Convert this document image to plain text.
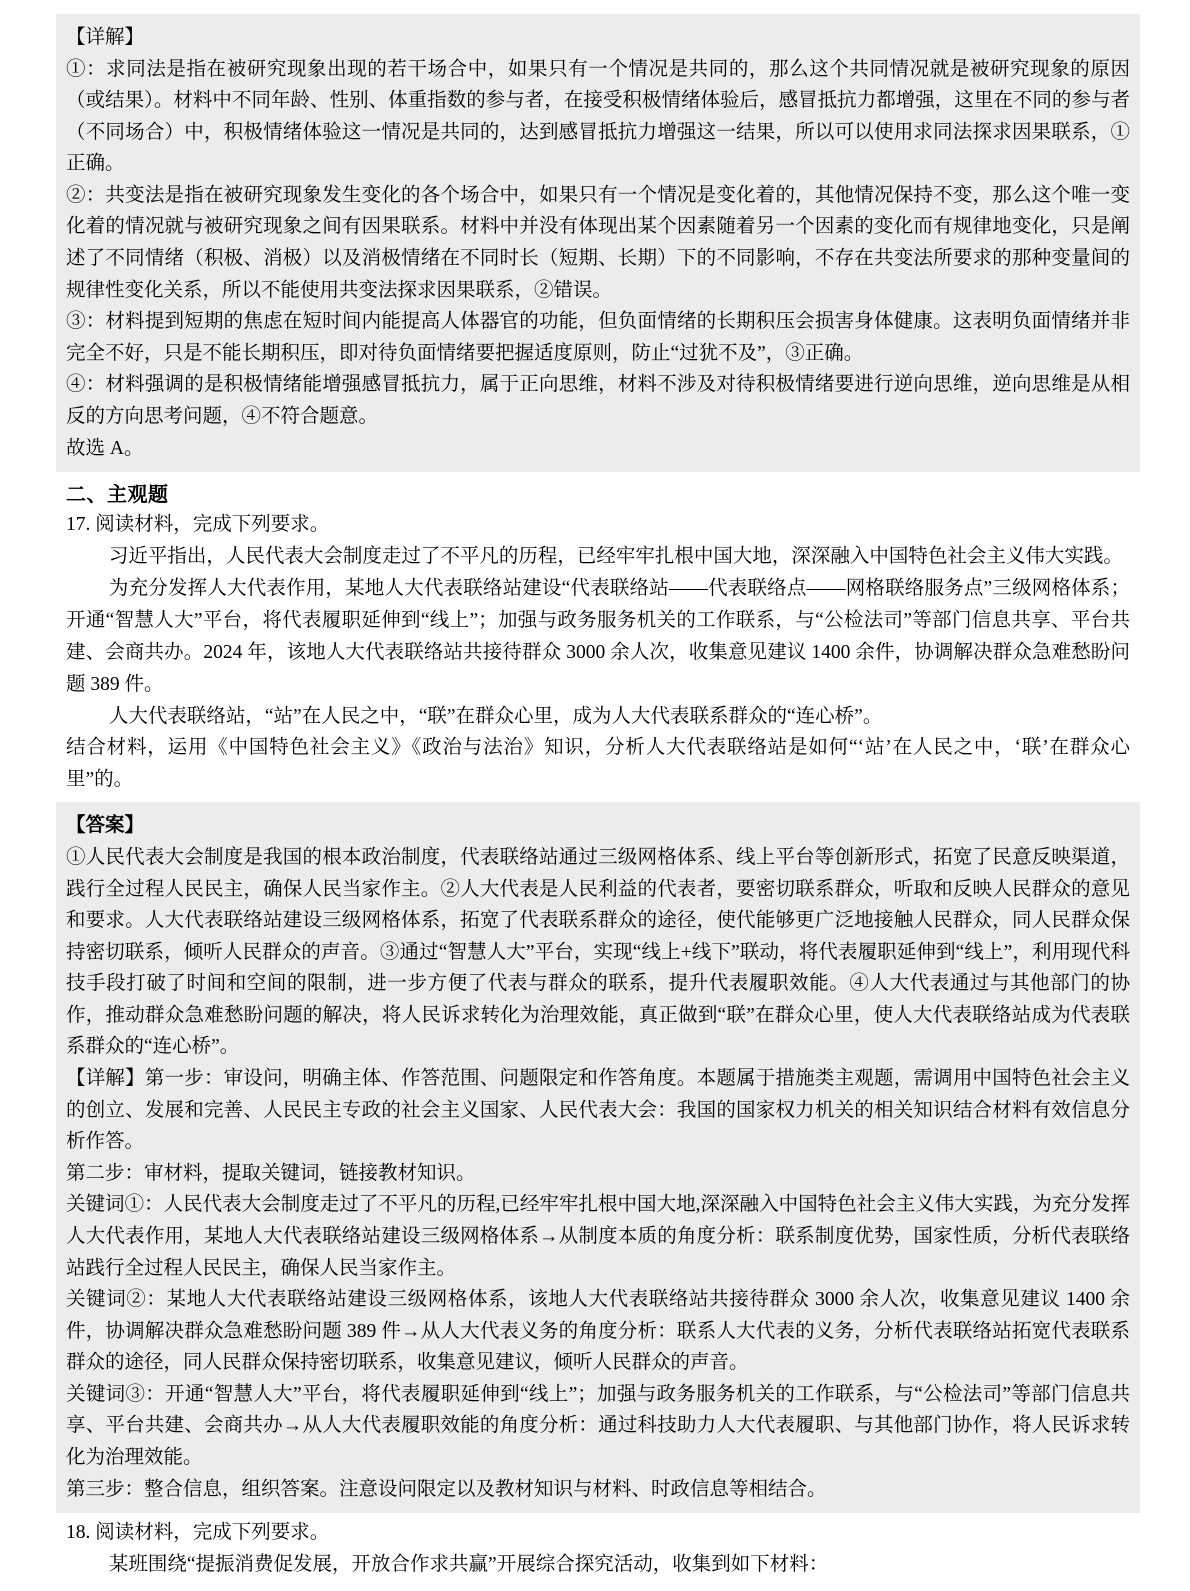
【详解】

①：求同法是指在被研究现象出现的若干场合中，如果只有一个情况是共同的，那么这个共同情况就是被研究现象的原因（或结果）。材料中不同年龄、性别、体重指数的参与者，在接受积极情绪体验后，感冒抵抗力都增强，这里在不同的参与者（不同场合）中，积极情绪体验这一情况是共同的，达到感冒抵抗力增强这一结果，所以可以使用求同法探求因果联系，①正确。

②：共变法是指在被研究现象发生变化的各个场合中，如果只有一个情况是变化着的，其他情况保持不变，那么这个唯一变化着的情况就与被研究现象之间有因果联系。材料中并没有体现出某个因素随着另一个因素的变化而有规律地变化，只是阐述了不同情绪（积极、消极）以及消极情绪在不同时长（短期、长期）下的不同影响，不存在共变法所要求的那种变量间的规律性变化关系，所以不能使用共变法探求因果联系，②错误。

③：材料提到短期的焦虑在短时间内能提高人体器官的功能，但负面情绪的长期积压会损害身体健康。这表明负面情绪并非完全不好，只是不能长期积压，即对待负面情绪要把握适度原则，防止“过犹不及”，③正确。

④：材料强调的是积极情绪能增强感冒抵抗力，属于正向思维，材料不涉及对待积极情绪要进行逆向思维，逆向思维是从相反的方向思考问题，④不符合题意。

故选 A。

二、主观题
17. 阅读材料，完成下列要求。

习近平指出，人民代表大会制度走过了不平凡的历程，已经牢牢扎根中国大地，深深融入中国特色社会主义伟大实践。

为充分发挥人大代表作用，某地人大代表联络站建设“代表联络站——代表联络点——网格联络服务点”三级网格体系；开通“智慧人大”平台，将代表履职延伸到“线上”；加强与政务服务机关的工作联系，与“公检法司”等部门信息共享、平台共建、会商共办。2024 年，该地人大代表联络站共接待群众 3000 余人次，收集意见建议 1400 余件，协调解决群众急难愁盼问题 389 件。

人大代表联络站，“站”在人民之中，“联”在群众心里，成为人大代表联系群众的“连心桥”。

结合材料，运用《中国特色社会主义》《政治与法治》知识，分析人大代表联络站是如何“‘站’在人民之中，‘联’在群众心里”的。

【答案】

①人民代表大会制度是我国的根本政治制度，代表联络站通过三级网格体系、线上平台等创新形式，拓宽了民意反映渠道，践行全过程人民民主，确保人民当家作主。②人大代表是人民利益的代表者，要密切联系群众，听取和反映人民群众的意见和要求。人大代表联络站建设三级网格体系，拓宽了代表联系群众的途径，使代能够更广泛地接触人民群众，同人民群众保持密切联系，倾听人民群众的声音。③通过“智慧人大”平台，实现“线上+线下”联动，将代表履职延伸到“线上”，利用现代科技手段打破了时间和空间的限制，进一步方便了代表与群众的联系，提升代表履职效能。④人大代表通过与其他部门的协作，推动群众急难愁盼问题的解决，将人民诉求转化为治理效能，真正做到“联”在群众心里，使人大代表联络站成为代表联系群众的“连心桥”。

【详解】第一步：审设问，明确主体、作答范围、问题限定和作答角度。本题属于措施类主观题，需调用中国特色社会主义的创立、发展和完善、人民民主专政的社会主义国家、人民代表大会：我国的国家权力机关的相关知识结合材料有效信息分析作答。

第二步：审材料，提取关键词，链接教材知识。

关键词①：人民代表大会制度走过了不平凡的历程,已经牢牢扎根中国大地,深深融入中国特色社会主义伟大实践，为充分发挥人大代表作用，某地人大代表联络站建设三级网格体系→从制度本质的角度分析：联系制度优势，国家性质，分析代表联络站践行全过程人民民主，确保人民当家作主。

关键词②：某地人大代表联络站建设三级网格体系，该地人大代表联络站共接待群众 3000 余人次，收集意见建议 1400 余件，协调解决群众急难愁盼问题 389 件→从人大代表义务的角度分析：联系人大代表的义务，分析代表联络站拓宽代表联系群众的途径，同人民群众保持密切联系，收集意见建议，倾听人民群众的声音。

关键词③：开通“智慧人大”平台，将代表履职延伸到“线上”；加强与政务服务机关的工作联系，与“公检法司”等部门信息共享、平台共建、会商共办→从人大代表履职效能的角度分析：通过科技助力人大代表履职、与其他部门协作，将人民诉求转化为治理效能。

第三步：整合信息，组织答案。注意设问限定以及教材知识与材料、时政信息等相结合。

18. 阅读材料，完成下列要求。

某班围绕“提振消费促发展，开放合作求共赢”开展综合探究活动，收集到如下材料：
